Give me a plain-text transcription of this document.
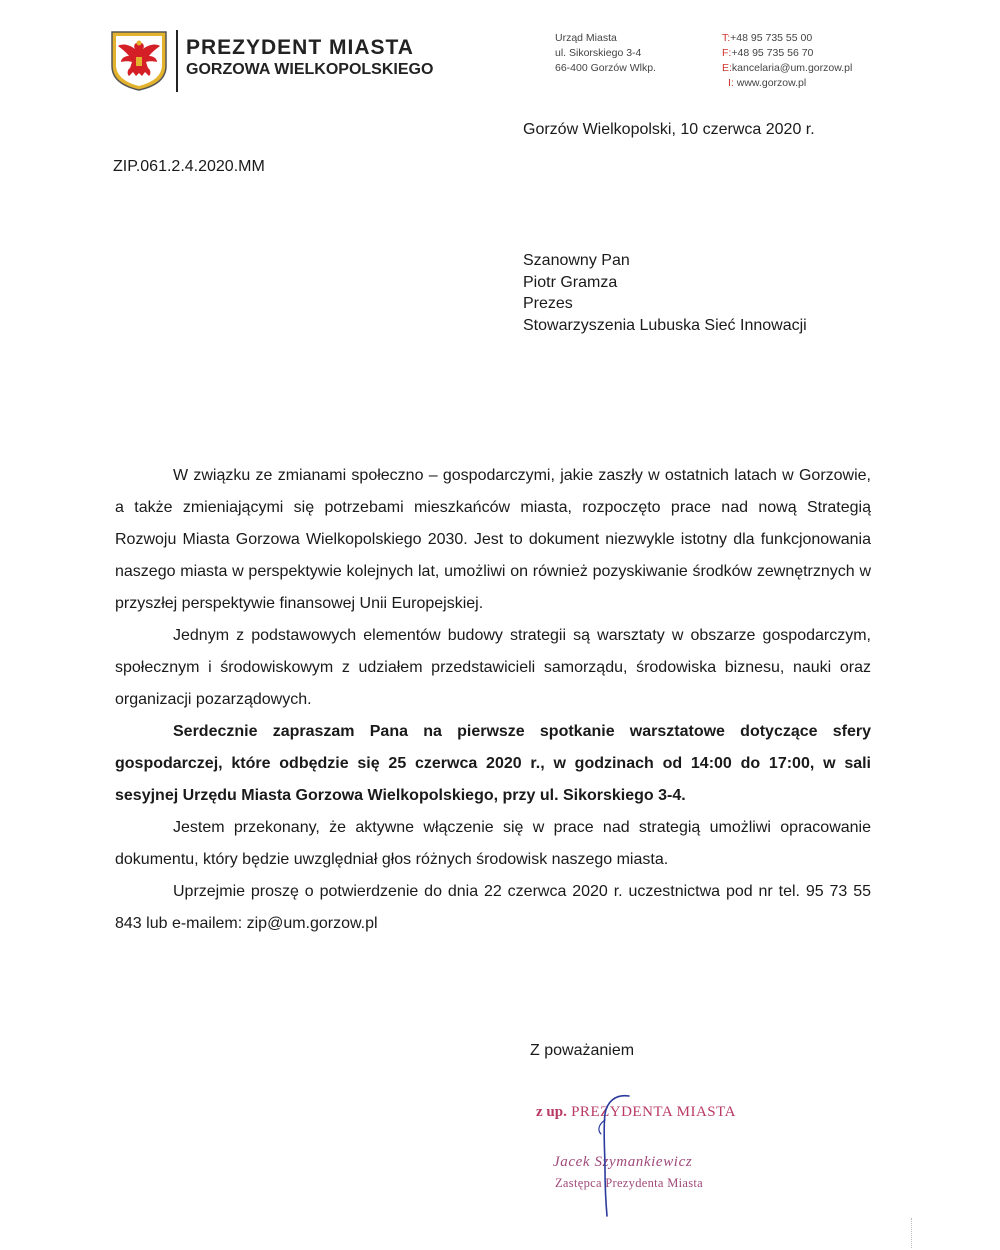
PREZYDENT MIASTA
GORZOWA WIELKOPOLSKIEGO
Urząd Miasta
ul. Sikorskiego 3-4
66-400 Gorzów Wlkp.
T:+48 95 735 55 00
F:+48 95 735 56 70
E:kancelaria@um.gorzow.pl
I: www.gorzow.pl
Gorzów Wielkopolski, 10 czerwca 2020 r.
ZIP.061.2.4.2020.MM
Szanowny Pan
Piotr Gramza
Prezes
Stowarzyszenia Lubuska Sieć Innowacji

W związku ze zmianami społeczno – gospodarczymi, jakie zaszły w ostatnich latach w Gorzowie, a także zmieniającymi się potrzebami mieszkańców miasta, rozpoczęto prace nad nową Strategią Rozwoju Miasta Gorzowa Wielkopolskiego 2030. Jest to dokument niezwykle istotny dla funkcjonowania naszego miasta w perspektywie kolejnych lat, umożliwi on również pozyskiwanie środków zewnętrznych w przyszłej perspektywie finansowej Unii Europejskiej.

Jednym z podstawowych elementów budowy strategii są warsztaty w obszarze gospodarczym, społecznym i środowiskowym z udziałem przedstawicieli samorządu, środowiska biznesu, nauki oraz organizacji pozarządowych.

Serdecznie zapraszam Pana na pierwsze spotkanie warsztatowe dotyczące sfery gospodarczej, które odbędzie się 25 czerwca 2020 r., w godzinach od 14:00 do 17:00, w sali sesyjnej Urzędu Miasta Gorzowa Wielkopolskiego, przy ul. Sikorskiego 3-4.

Jestem przekonany, że aktywne włączenie się w prace nad strategią umożliwi opracowanie dokumentu, który będzie uwzględniał głos różnych środowisk naszego miasta.

Uprzejmie proszę o potwierdzenie do dnia 22 czerwca 2020 r. uczestnictwa pod nr tel. 95 73 55 843 lub e-mailem: zip@um.gorzow.pl

Z poważaniem
z up. PREZYDENTA MIASTA
Jacek Szymankiewicz
Zastępca Prezydenta Miasta
